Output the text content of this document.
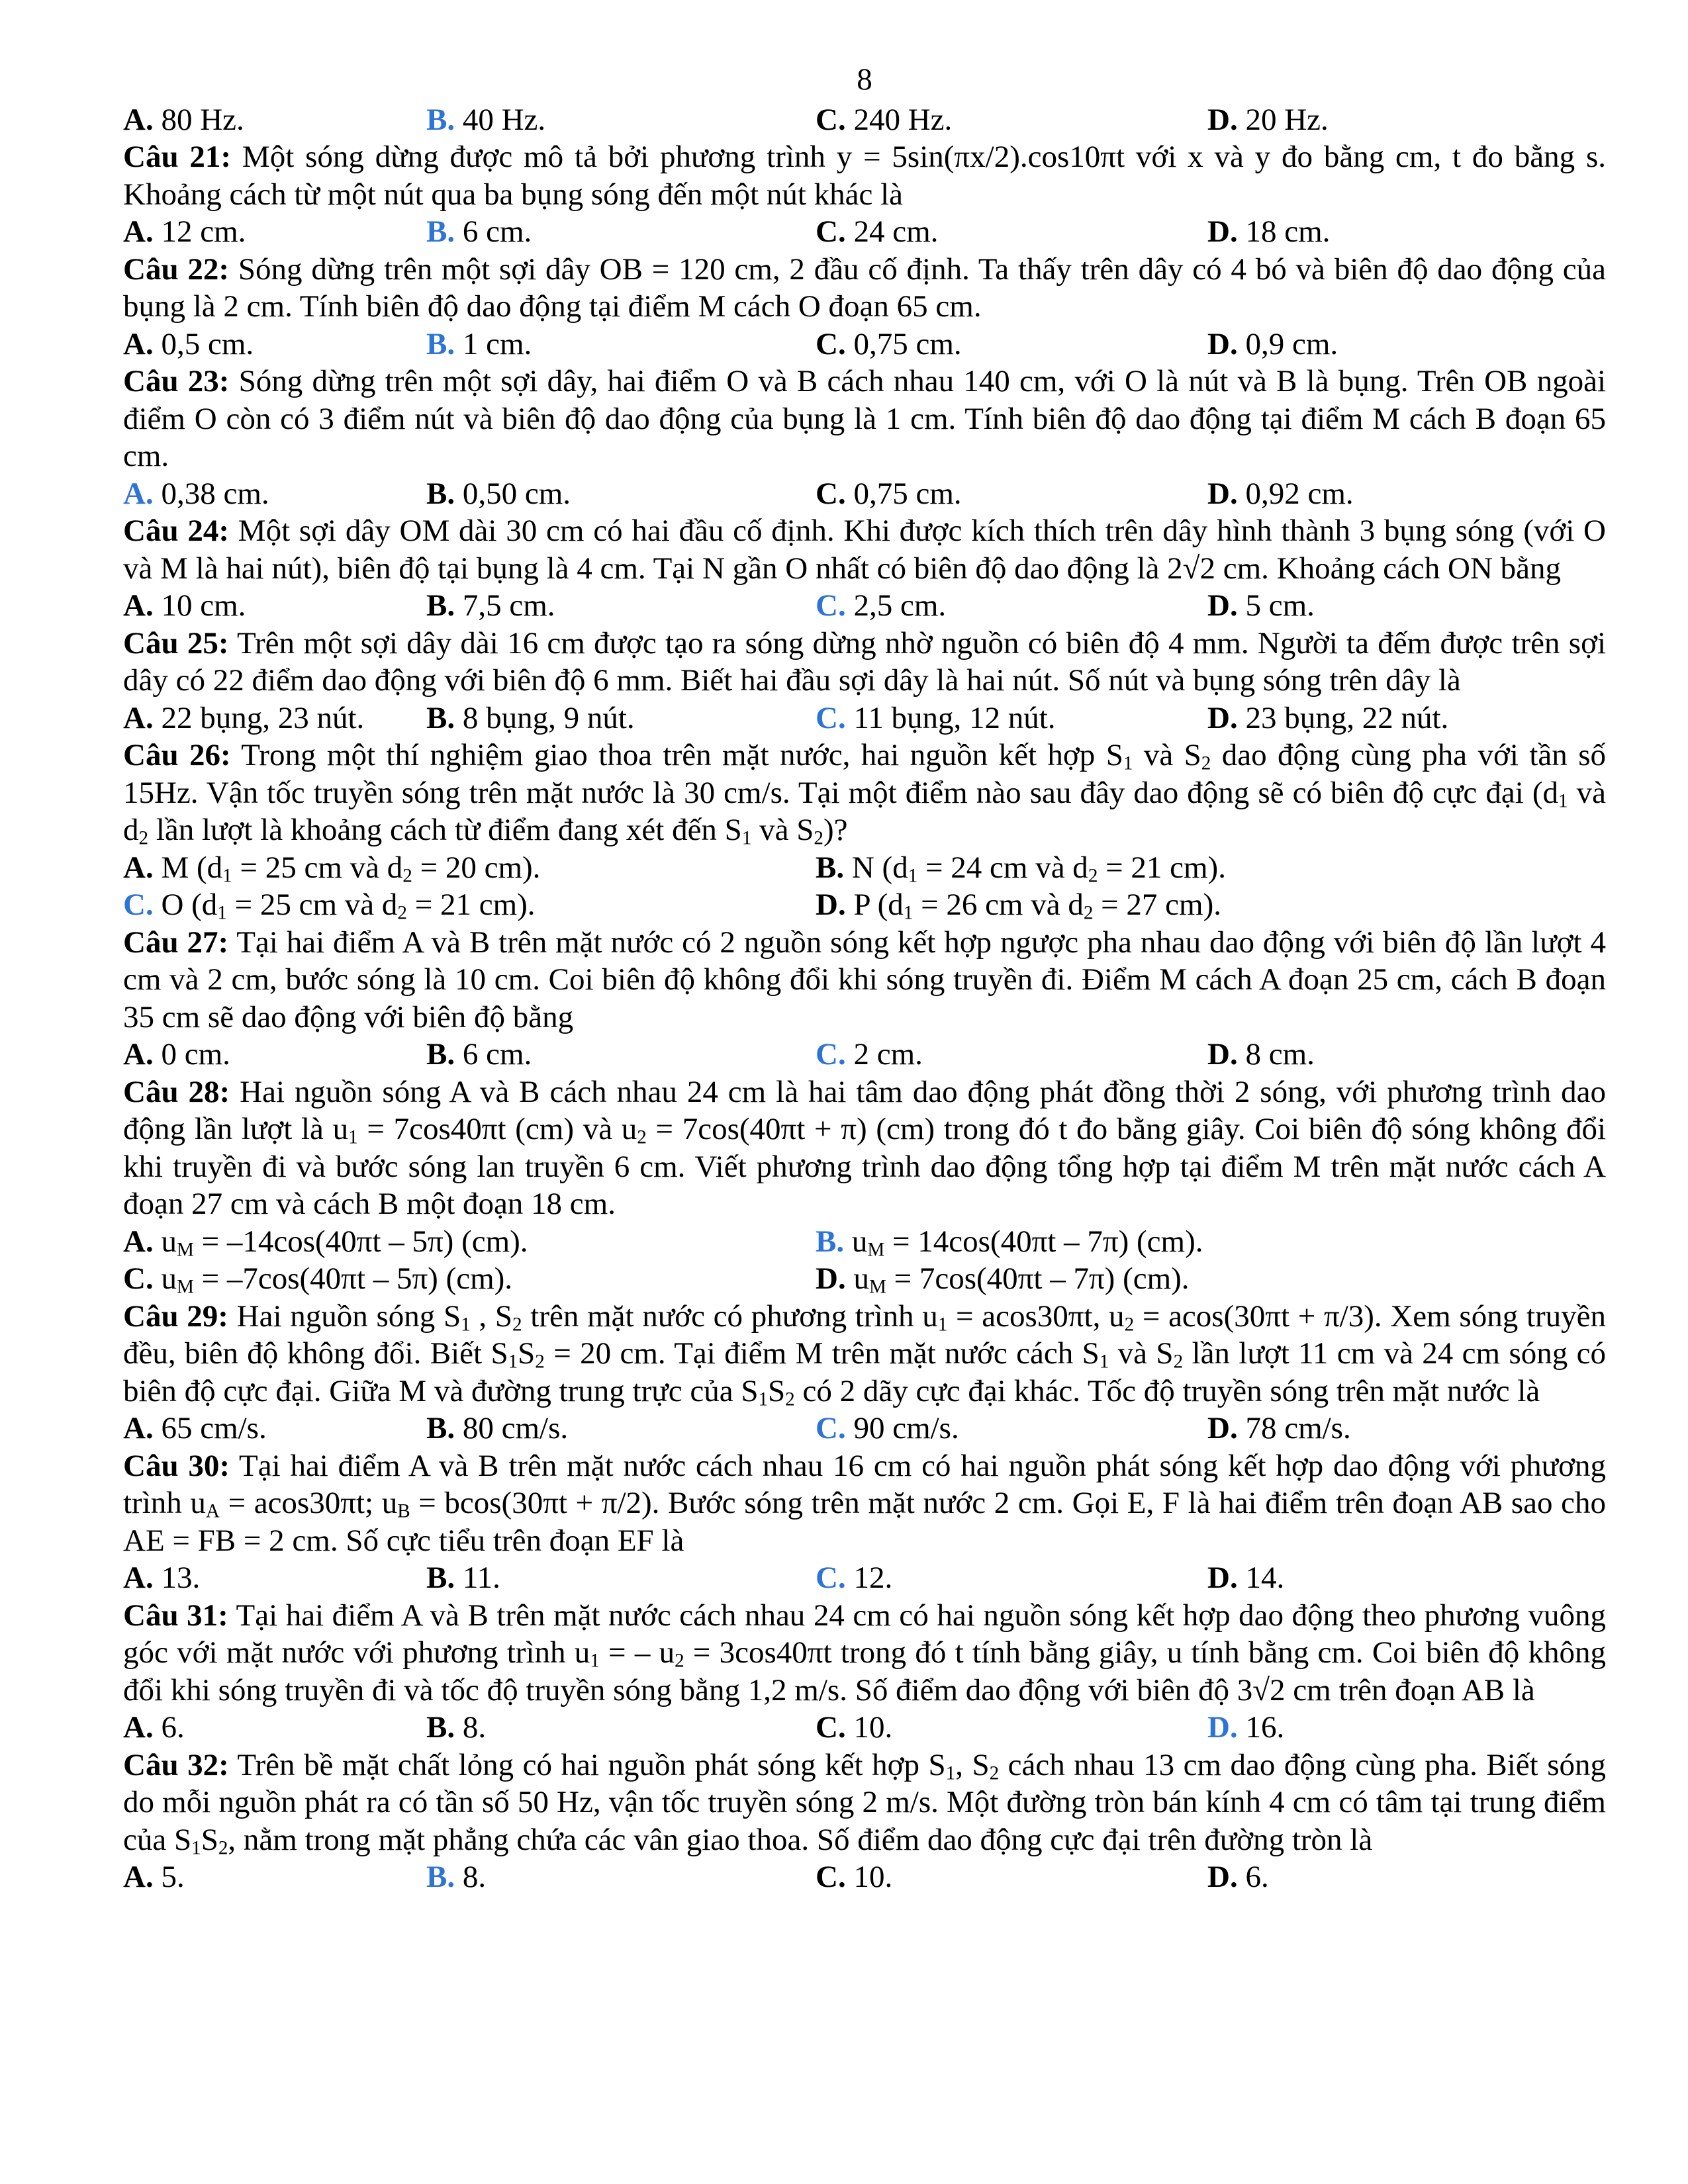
8
A. 80 Hz.	B. 40 Hz.	C. 240 Hz.	D. 20 Hz.
Câu 21: Một sóng dừng được mô tả bởi phương trình y = 5sin(πx/2).cos10πt với x và y đo bằng cm, t đo bằng s. Khoảng cách từ một nút qua ba bụng sóng đến một nút khác là
A. 12 cm.	B. 6 cm.	C. 24 cm.	D. 18 cm.
Câu 22: Sóng dừng trên một sợi dây OB = 120 cm, 2 đầu cố định. Ta thấy trên dây có 4 bó và biên độ dao động của bụng là 2 cm. Tính biên độ dao động tại điểm M cách O đoạn 65 cm.
A. 0,5 cm.	B. 1 cm.	C. 0,75 cm.	D. 0,9 cm.
Câu 23: Sóng dừng trên một sợi dây, hai điểm O và B cách nhau 140 cm, với O là nút và B là bụng. Trên OB ngoài điểm O còn có 3 điểm nút và biên độ dao động của bụng là 1 cm. Tính biên độ dao động tại điểm M cách B đoạn 65 cm.
A. 0,38 cm.	B. 0,50 cm.	C. 0,75 cm.	D. 0,92 cm.
Câu 24: Một sợi dây OM dài 30 cm có hai đầu cố định. Khi được kích thích trên dây hình thành 3 bụng sóng (với O và M là hai nút), biên độ tại bụng là 4 cm. Tại N gần O nhất có biên độ dao động là 2√2 cm. Khoảng cách ON bằng
A. 10 cm.	B. 7,5 cm.	C. 2,5 cm.	D. 5 cm.
Câu 25: Trên một sợi dây dài 16 cm được tạo ra sóng dừng nhờ nguồn có biên độ 4 mm. Người ta đếm được trên sợi dây có 22 điểm dao động với biên độ 6 mm. Biết hai đầu sợi dây là hai nút. Số nút và bụng sóng trên dây là
A. 22 bụng, 23 nút.	B. 8 bụng, 9 nút.	C. 11 bụng, 12 nút.	D. 23 bụng, 22 nút.
Câu 26: Trong một thí nghiệm giao thoa trên mặt nước, hai nguồn kết hợp $S_1$ và $S_2$ dao động cùng pha với tần số 15Hz. Vận tốc truyền sóng trên mặt nước là 30 cm/s. Tại một điểm nào sau đây dao động sẽ có biên độ cực đại ($d_1$ và $d_2$ lần lượt là khoảng cách từ điểm đang xét đến $S_1$ và $S_2$)?
A. M ($d_1 = 25$ cm và $d_2 = 20$ cm).	B. N ($d_1 = 24$ cm và $d_2 = 21$ cm).
C. O ($d_1 = 25$ cm và $d_2 = 21$ cm).	D. P ($d_1 = 26$ cm và $d_2 = 27$ cm).
Câu 27: Tại hai điểm A và B trên mặt nước có 2 nguồn sóng kết hợp ngược pha nhau dao động với biên độ lần lượt 4 cm và 2 cm, bước sóng là 10 cm. Coi biên độ không đổi khi sóng truyền đi. Điểm M cách A đoạn 25 cm, cách B đoạn 35 cm sẽ dao động với biên độ bằng
A. 0 cm.	B. 6 cm.	C. 2 cm.	D. 8 cm.
Câu 28: Hai nguồn sóng A và B cách nhau 24 cm là hai tâm dao động phát đồng thời 2 sóng, với phương trình dao động lần lượt là $u_1 = 7\cos 40\pi t$ (cm) và $u_2 = 7\cos(40\pi t + \pi)$ (cm) trong đó t đo bằng giây. Coi biên độ sóng không đổi khi truyền đi và bước sóng lan truyền 6 cm. Viết phương trình dao động tổng hợp tại điểm M trên mặt nước cách A đoạn 27 cm và cách B một đoạn 18 cm.
A. $u_M = -14\cos(40\pi t - 5\pi)$ (cm).	B. $u_M = 14\cos(40\pi t - 7\pi)$ (cm).
C. $u_M = -7\cos(40\pi t - 5\pi)$ (cm).	D. $u_M = 7\cos(40\pi t - 7\pi)$ (cm).
Câu 29: Hai nguồn sóng $S_1$ , $S_2$ trên mặt nước có phương trình $u_1 = acos30\pi t$, $u_2 = acos(30\pi t + \pi/3)$. Xem sóng truyền đều, biên độ không đổi. Biết $S_1S_2 = 20$ cm. Tại điểm M trên mặt nước cách $S_1$ và $S_2$ lần lượt 11 cm và 24 cm sóng có biên độ cực đại. Giữa M và đường trung trực của $S_1S_2$ có 2 dãy cực đại khác. Tốc độ truyền sóng trên mặt nước là
A. 65 cm/s.	B. 80 cm/s.	C. 90 cm/s.	D. 78 cm/s.
Câu 30: Tại hai điểm A và B trên mặt nước cách nhau 16 cm có hai nguồn phát sóng kết hợp dao động với phương trình $u_A = acos30\pi t$; $u_B = bcos(30\pi t + \pi/2)$. Bước sóng trên mặt nước 2 cm. Gọi E, F là hai điểm trên đoạn AB sao cho AE = FB = 2 cm. Số cực tiểu trên đoạn EF là
A. 13.	B. 11.	C. 12.	D. 14.
Câu 31: Tại hai điểm A và B trên mặt nước cách nhau 24 cm có hai nguồn sóng kết hợp dao động theo phương vuông góc với mặt nước với phương trình $u_1$ = – $u_2 = 3\cos 40\pi t$ trong đó t tính bằng giây, u tính bằng cm. Coi biên độ không đổi khi sóng truyền đi và tốc độ truyền sóng bằng 1,2 m/s. Số điểm dao động với biên độ 3√2 cm trên đoạn AB là
A. 6.	B. 8.	C. 10.	D. 16.
Câu 32: Trên bề mặt chất lỏng có hai nguồn phát sóng kết hợp $S_1$, $S_2$ cách nhau 13 cm dao động cùng pha. Biết sóng do mỗi nguồn phát ra có tần số 50 Hz, vận tốc truyền sóng 2 m/s. Một đường tròn bán kính 4 cm có tâm tại trung điểm của $S_1S_2$, nằm trong mặt phẳng chứa các vân giao thoa. Số điểm dao động cực đại trên đường tròn là
A. 5.	B. 8.	C. 10.	D. 6.
